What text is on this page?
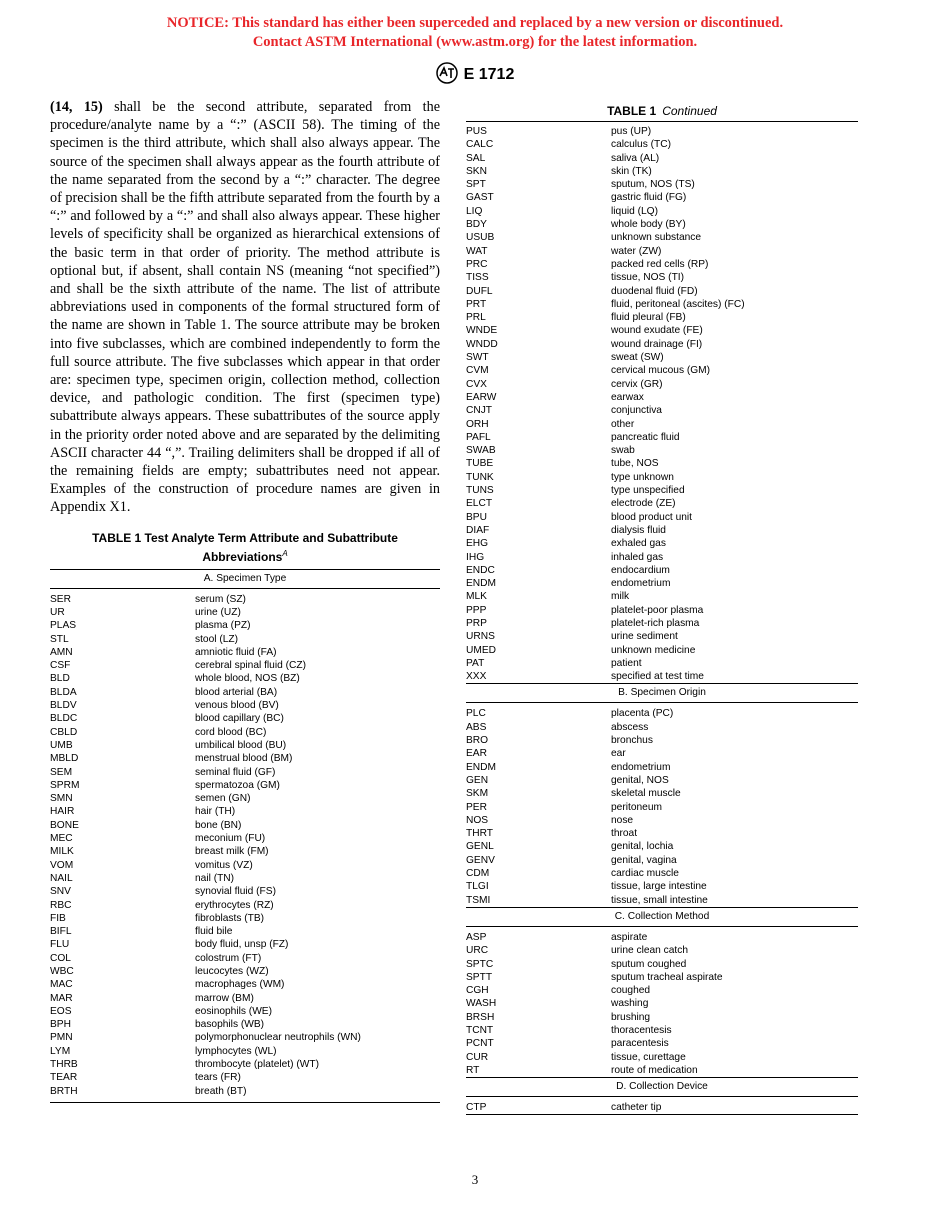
NOTICE: This standard has either been superceded and replaced by a new version or discontinued.
Contact ASTM International (www.astm.org) for the latest information.
E 1712

(14, 15) shall be the second attribute, separated from the procedure/analyte name by a “:” (ASCII 58). The timing of the specimen is the third attribute, which shall also always appear. The source of the specimen shall always appear as the fourth attribute of the name separated from the second by a “:” character. The degree of precision shall be the fifth attribute separated from the fourth by a “:” and followed by a “:” and shall also always appear. These higher levels of specificity shall be organized as hierarchical extensions of the basic term in that order of priority. The method attribute is optional but, if absent, shall contain NS (meaning “not specified”) and shall be the sixth attribute of the name. The list of attribute abbreviations used in components of the formal structured form of the name are shown in Table 1. The source attribute may be broken into five subclasses, which are combined independently to form the full source attribute. The five subclasses which appear in that order are: specimen type, specimen origin, collection method, collection device, and pathologic condition. The first (specimen type) subattribute always appears. These subattributes of the source apply in the priority order noted above and are separated by the delimiting ASCII character 44 “,”. Trailing delimiters shall be dropped if all of the remaining fields are empty; subattributes need not appear. Examples of the construction of procedure names are given in Appendix X1.

TABLE 1 Test Analyte Term Attribute and Subattribute
Abbreviations$^A$
A. Specimen Type
SER	serum (SZ)
UR	urine (UZ)
PLAS	plasma (PZ)
STL	stool (LZ)
AMN	amniotic fluid (FA)
CSF	cerebral spinal fluid (CZ)
BLD	whole blood, NOS (BZ)
BLDA	blood arterial (BA)
BLDV	venous blood (BV)
BLDC	blood capillary (BC)
CBLD	cord blood (BC)
UMB	umbilical blood (BU)
MBLD	menstrual blood (BM)
SEM	seminal fluid (GF)
SPRM	spermatozoa (GM)
SMN	semen (GN)
HAIR	hair (TH)
BONE	bone (BN)
MEC	meconium (FU)
MILK	breast milk (FM)
VOM	vomitus (VZ)
NAIL	nail (TN)
SNV	synovial fluid (FS)
RBC	erythrocytes (RZ)
FIB	fibroblasts (TB)
BIFL	fluid bile
FLU	body fluid, unsp (FZ)
COL	colostrum (FT)
WBC	leucocytes (WZ)
MAC	macrophages (WM)
MAR	marrow (BM)
EOS	eosinophils (WE)
BPH	basophils (WB)
PMN	polymorphonuclear neutrophils (WN)
LYM	lymphocytes (WL)
THRB	thrombocyte (platelet) (WT)
TEAR	tears (FR)
BRTH	breath (BT)
TABLE 1 Continued
PUS	pus (UP)
CALC	calculus (TC)
SAL	saliva (AL)
SKN	skin (TK)
SPT	sputum, NOS (TS)
GAST	gastric fluid (FG)
LIQ	liquid (LQ)
BDY	whole body (BY)
USUB	unknown substance
WAT	water (ZW)
PRC	packed red cells (RP)
TISS	tissue, NOS (TI)
DUFL	duodenal fluid (FD)
PRT	fluid, peritoneal (ascites) (FC)
PRL	fluid pleural (FB)
WNDE	wound exudate (FE)
WNDD	wound drainage (FI)
SWT	sweat (SW)
CVM	cervical mucous (GM)
CVX	cervix (GR)
EARW	earwax
CNJT	conjunctiva
ORH	other
PAFL	pancreatic fluid
SWAB	swab
TUBE	tube, NOS
TUNK	type unknown
TUNS	type unspecified
ELCT	electrode (ZE)
BPU	blood product unit
DIAF	dialysis fluid
EHG	exhaled gas
IHG	inhaled gas
ENDC	endocardium
ENDM	endometrium
MLK	milk
PPP	platelet-poor plasma
PRP	platelet-rich plasma
URNS	urine sediment
UMED	unknown medicine
PAT	patient
XXX	specified at test time
B. Specimen Origin
PLC	placenta (PC)
ABS	abscess
BRO	bronchus
EAR	ear
ENDM	endometrium
GEN	genital, NOS
SKM	skeletal muscle
PER	peritoneum
NOS	nose
THRT	throat
GENL	genital, lochia
GENV	genital, vagina
CDM	cardiac muscle
TLGI	tissue, large intestine
TSMI	tissue, small intestine
C. Collection Method
ASP	aspirate
URC	urine clean catch
SPTC	sputum coughed
SPTT	sputum tracheal aspirate
CGH	coughed
WASH	washing
BRSH	brushing
TCNT	thoracentesis
PCNT	paracentesis
CUR	tissue, curettage
RT	route of medication
D. Collection Device
CTP	catheter tip
3
